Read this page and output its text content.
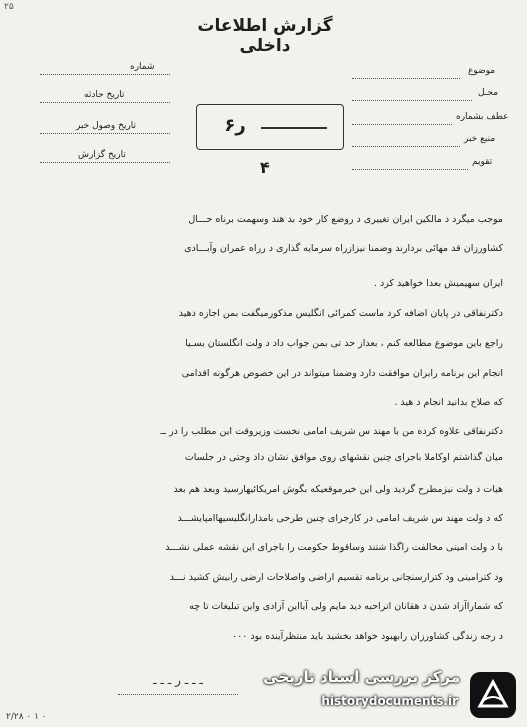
۲۵
گزارش اطلاعات داخلی
شماره
تاریخ حادثه
تاریخ وصول خبر
تاریخ گزارش
موضوع
محـل
عطف بشماره
منبع خبر
تقویم
ر۶
۴
موجب میگرد د مالکین ایران تغییری د روضع کار خود بد هند وسهمت برناه حـــال
کشاورزان قد مهائی بردارند وضمنا نیزازراه سرمایه گذاری د رراه عمران وآبـــادی
ایران سهیمیش بعدا خواهید کرد .
دکترنفاقی در پایان اضافه کرد ماست کمرائی انگلیس مذکورمیگفت بمن اجازه دهید
راجع باین موضوع مطالعه کنم ، بعداز حد تی بمن جواب داد د ولت انگلستان بسـیا
انجام این برنامه رابران موافقت دارد وضمنا میتواند در این خصوص هرگونه اقدامی
که صلاح بدانید انجام د هید .
دکترنفاقی علاوه کرده من با مهند س شریف امامی نخست وزیروقت این مطلب را در ــ
میان گذاشتم اوکاملا باجرای چنین نقشهای روی موافق نشان داد وحتی در جلسات
هیات د ولت نیزمطرح گردید ولی این خبرموقعیکه بگوش امریکائیهارسید وبعد هم بعد
که د ولت مهند س شریف امامی در کارجرای چنین طرحی بامدارانگلیسیهاامپایشـــد
با د ولت امینی مخالفت راگذا شتند وساقوط حکومت را باجرای این نقشه عملی نشـــد
ود کترامینی ود کترارسنجانی برنامه تقسیم اراضی واصلاحات ارضی رابیش کشید نـــد
که شماراآزاد شدن د هقانان اتراحبه دید مایم ولی آیااین آزادی واین تبلیغات تا چه
د رجه زندگی کشاورزان رابهبود خواهد بخشید باید منتظرآینده بود ۰۰۰
ـ ـ ـ ر ـ ـ ـ
۲/۲۸ ۰ ۱ ۰
مرکز بررسی اسناد تاریخی
historydocuments.ir
